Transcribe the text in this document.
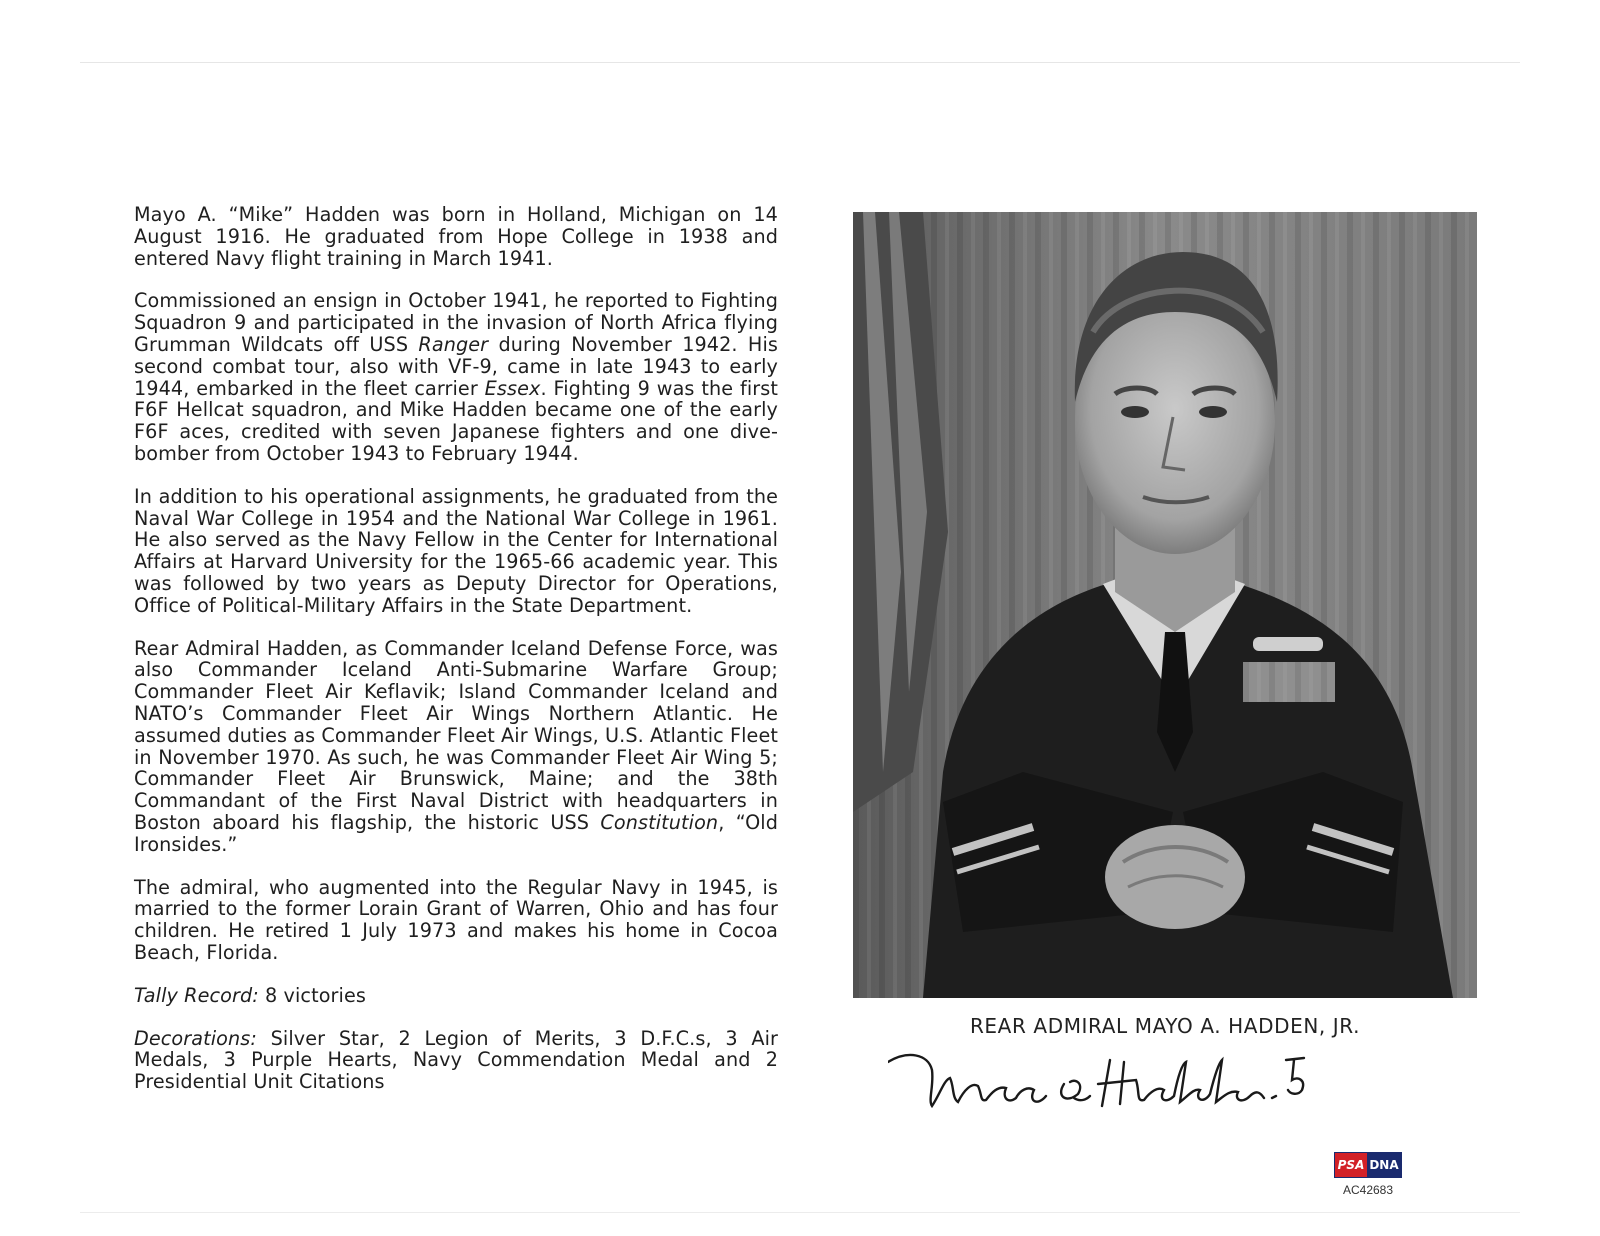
Mayo A. “Mike” Hadden was born in Holland, Michigan on 14 August 1916. He graduated from Hope College in 1938 and entered Navy flight training in March 1941.

Commissioned an ensign in October 1941, he reported to Fighting Squadron 9 and participated in the invasion of North Africa flying Grumman Wildcats off USS Ranger during November 1942. His second combat tour, also with VF-9, came in late 1943 to early 1944, embarked in the fleet carrier Essex. Fighting 9 was the first F6F Hellcat squadron, and Mike Hadden became one of the early F6F aces, credited with seven Japanese fighters and one dive-bomber from October 1943 to February 1944.

In addition to his operational assignments, he graduated from the Naval War College in 1954 and the National War College in 1961. He also served as the Navy Fellow in the Center for International Affairs at Harvard University for the 1965-66 academic year. This was followed by two years as Deputy Director for Operations, Office of Political-Military Affairs in the State Department.

Rear Admiral Hadden, as Commander Iceland Defense Force, was also Commander Iceland Anti-Submarine Warfare Group; Commander Fleet Air Keflavik; Island Commander Iceland and NATO’s Commander Fleet Air Wings Northern Atlantic. He assumed duties as Commander Fleet Air Wings, U.S. Atlantic Fleet in November 1970. As such, he was Commander Fleet Air Wing 5; Commander Fleet Air Brunswick, Maine; and the 38th Commandant of the First Naval District with headquarters in Boston aboard his flagship, the historic USS Constitution, “Old Ironsides.”

The admiral, who augmented into the Regular Navy in 1945, is married to the former Lorain Grant of Warren, Ohio and has four children. He retired 1 July 1973 and makes his home in Cocoa Beach, Florida.

Tally Record: 8 victories

Decorations: Silver Star, 2 Legion of Merits, 3 D.F.C.s, 3 Air Medals, 3 Purple Hearts, Navy Commendation Medal and 2 Presidential Unit Citations

REAR ADMIRAL MAYO A. HADDEN, JR.
PSA DNA
AC42683
